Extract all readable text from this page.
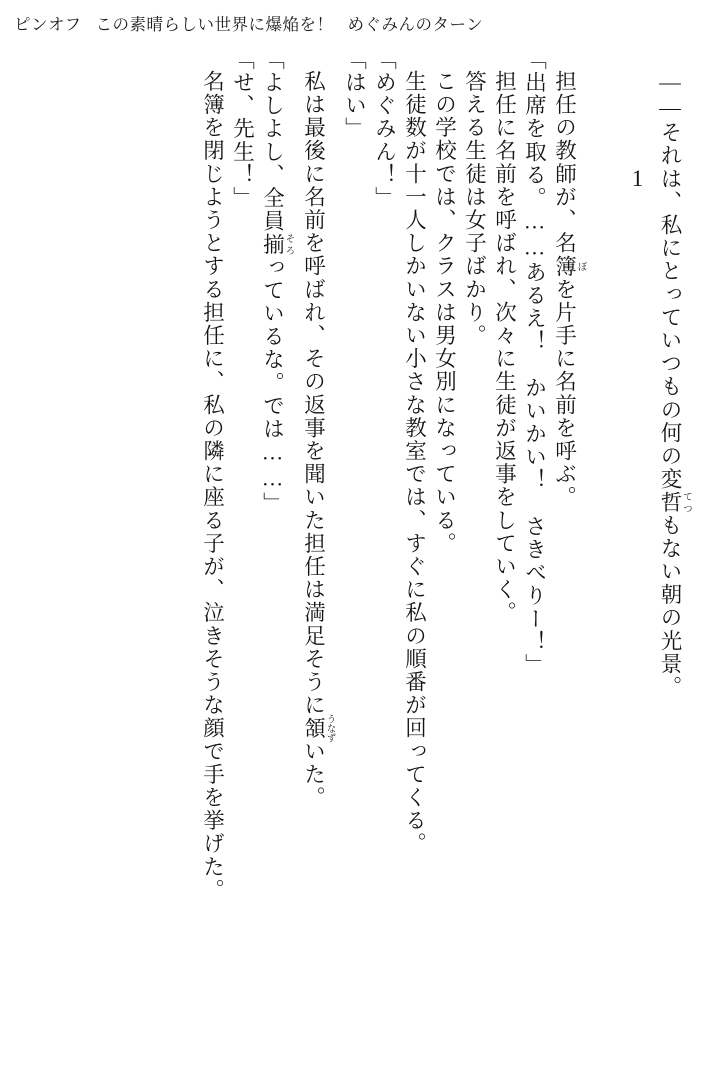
ピンオフ この素晴らしい世界に爆焔を！ めぐみんのターン
――それは、私にとっていつもの何の変哲 てつもない朝の光景。
1
担任の教師が、名簿 ぼを片手に名前を呼ぶ。
「出席を取る。……あるえ！　かいかい！　さきべりー！」
担任に名前を呼ばれ、次々に生徒が返事をしていく。
答える生徒は女子ばかり。
この学校では、クラスは男女別になっている。
生徒数が十一人しかいない小さな教室では、すぐに私の順番が回ってくる。
「めぐみん！」
「はい」
私は最後に名前を呼ばれ、その返事を聞いた担任は満足そうに頷 うなずいた。
「よしよし、全員揃 そろっているな。では……」
「せ、先生！」
名簿を閉じようとする担任に、私の隣に座る子が、泣きそうな顔で手を挙げた。
